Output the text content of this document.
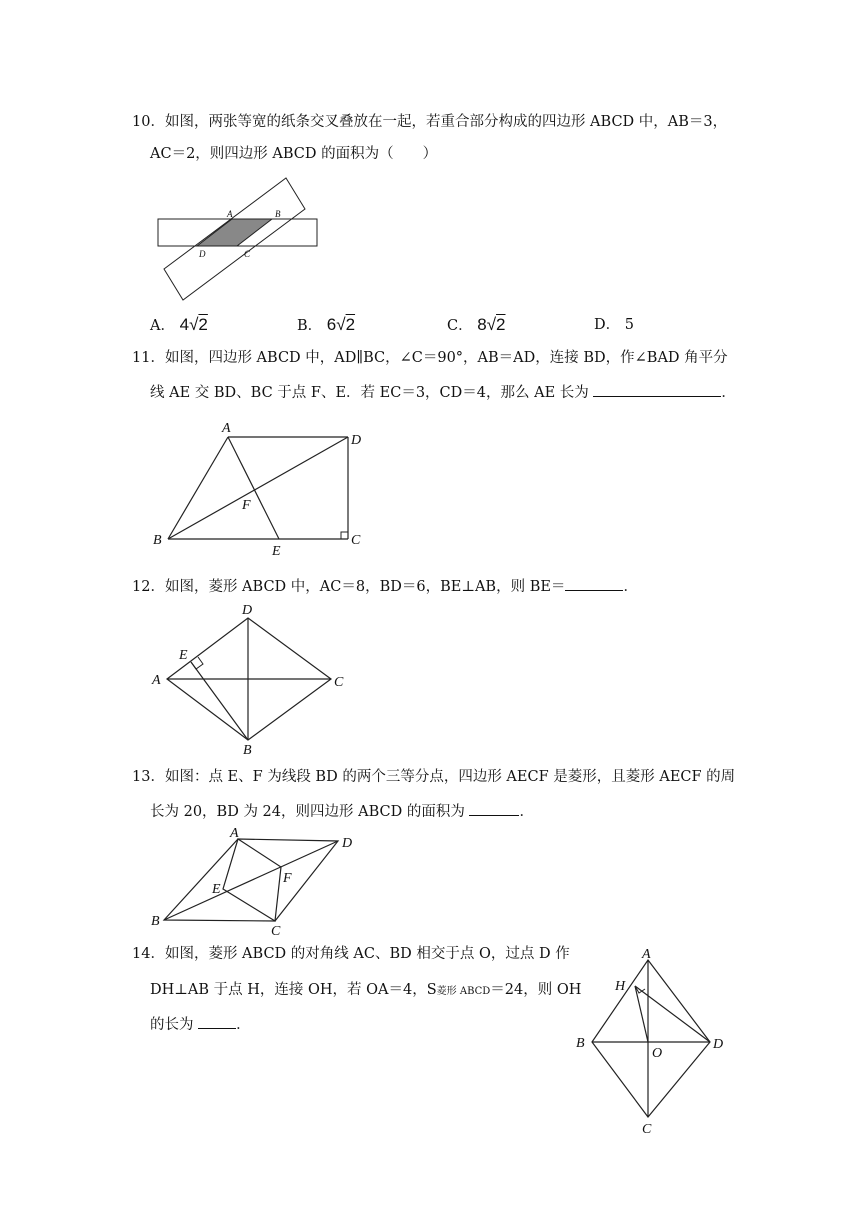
10．如图，两张等宽的纸条交叉叠放在一起，若重合部分构成的四边形 ABCD 中，AB＝3，
AC＝2，则四边形 ABCD 的面积为（　　）
A	B
C
D
A． 4√2	B． 6√2	C． 8√2	D． 5
11．如图，四边形 ABCD 中，AD∥BC，∠C＝90°，AB＝AD，连接 BD，作∠BAD 角平分
线 AE 交 BD、BC 于点 F、E．若 EC＝3，CD＝4，那么 AE 长为	．
A
D
B	C
E
F
12．如图，菱形 ABCD 中，AC＝8，BD＝6，BE⊥AB，则 BE＝	．
D
A	C
B
E
13．如图：点 E、F 为线段 BD 的两个三等分点，四边形 AECF 是菱形，且菱形 AECF 的周
长为 20，BD 为 24，则四边形 ABCD 的面积为	．
A
D
B
C
E
F
14．如图，菱形 ABCD 的对角线 AC、BD 相交于点 O，过点 D 作
DH⊥AB 于点 H，连接 OH，若 OA＝4，S菱形 ABCD＝24，则 OH
的长为	．
A
H
B
O
D
C
